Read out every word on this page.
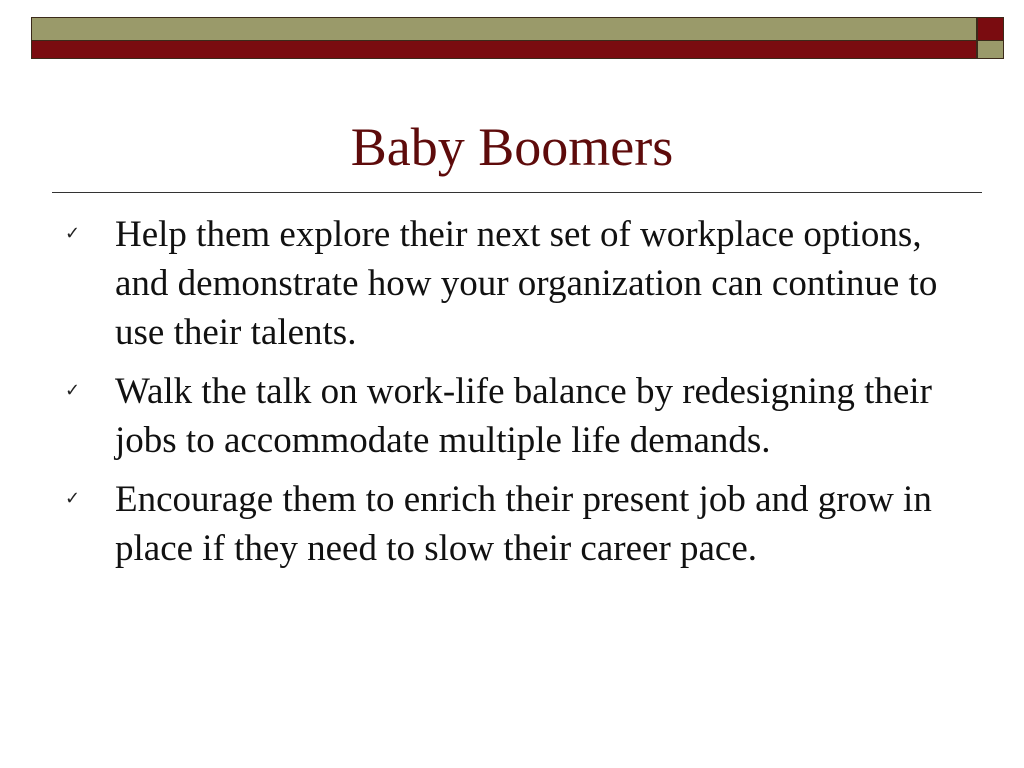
Baby Boomers
✓ Help them explore their next set of workplace options, and demonstrate how your organization can continue to use their talents.
✓ Walk the talk on work-life balance by redesigning their jobs to accommodate multiple life demands.
✓ Encourage them to enrich their present job and grow in place if they need to slow their career pace.
